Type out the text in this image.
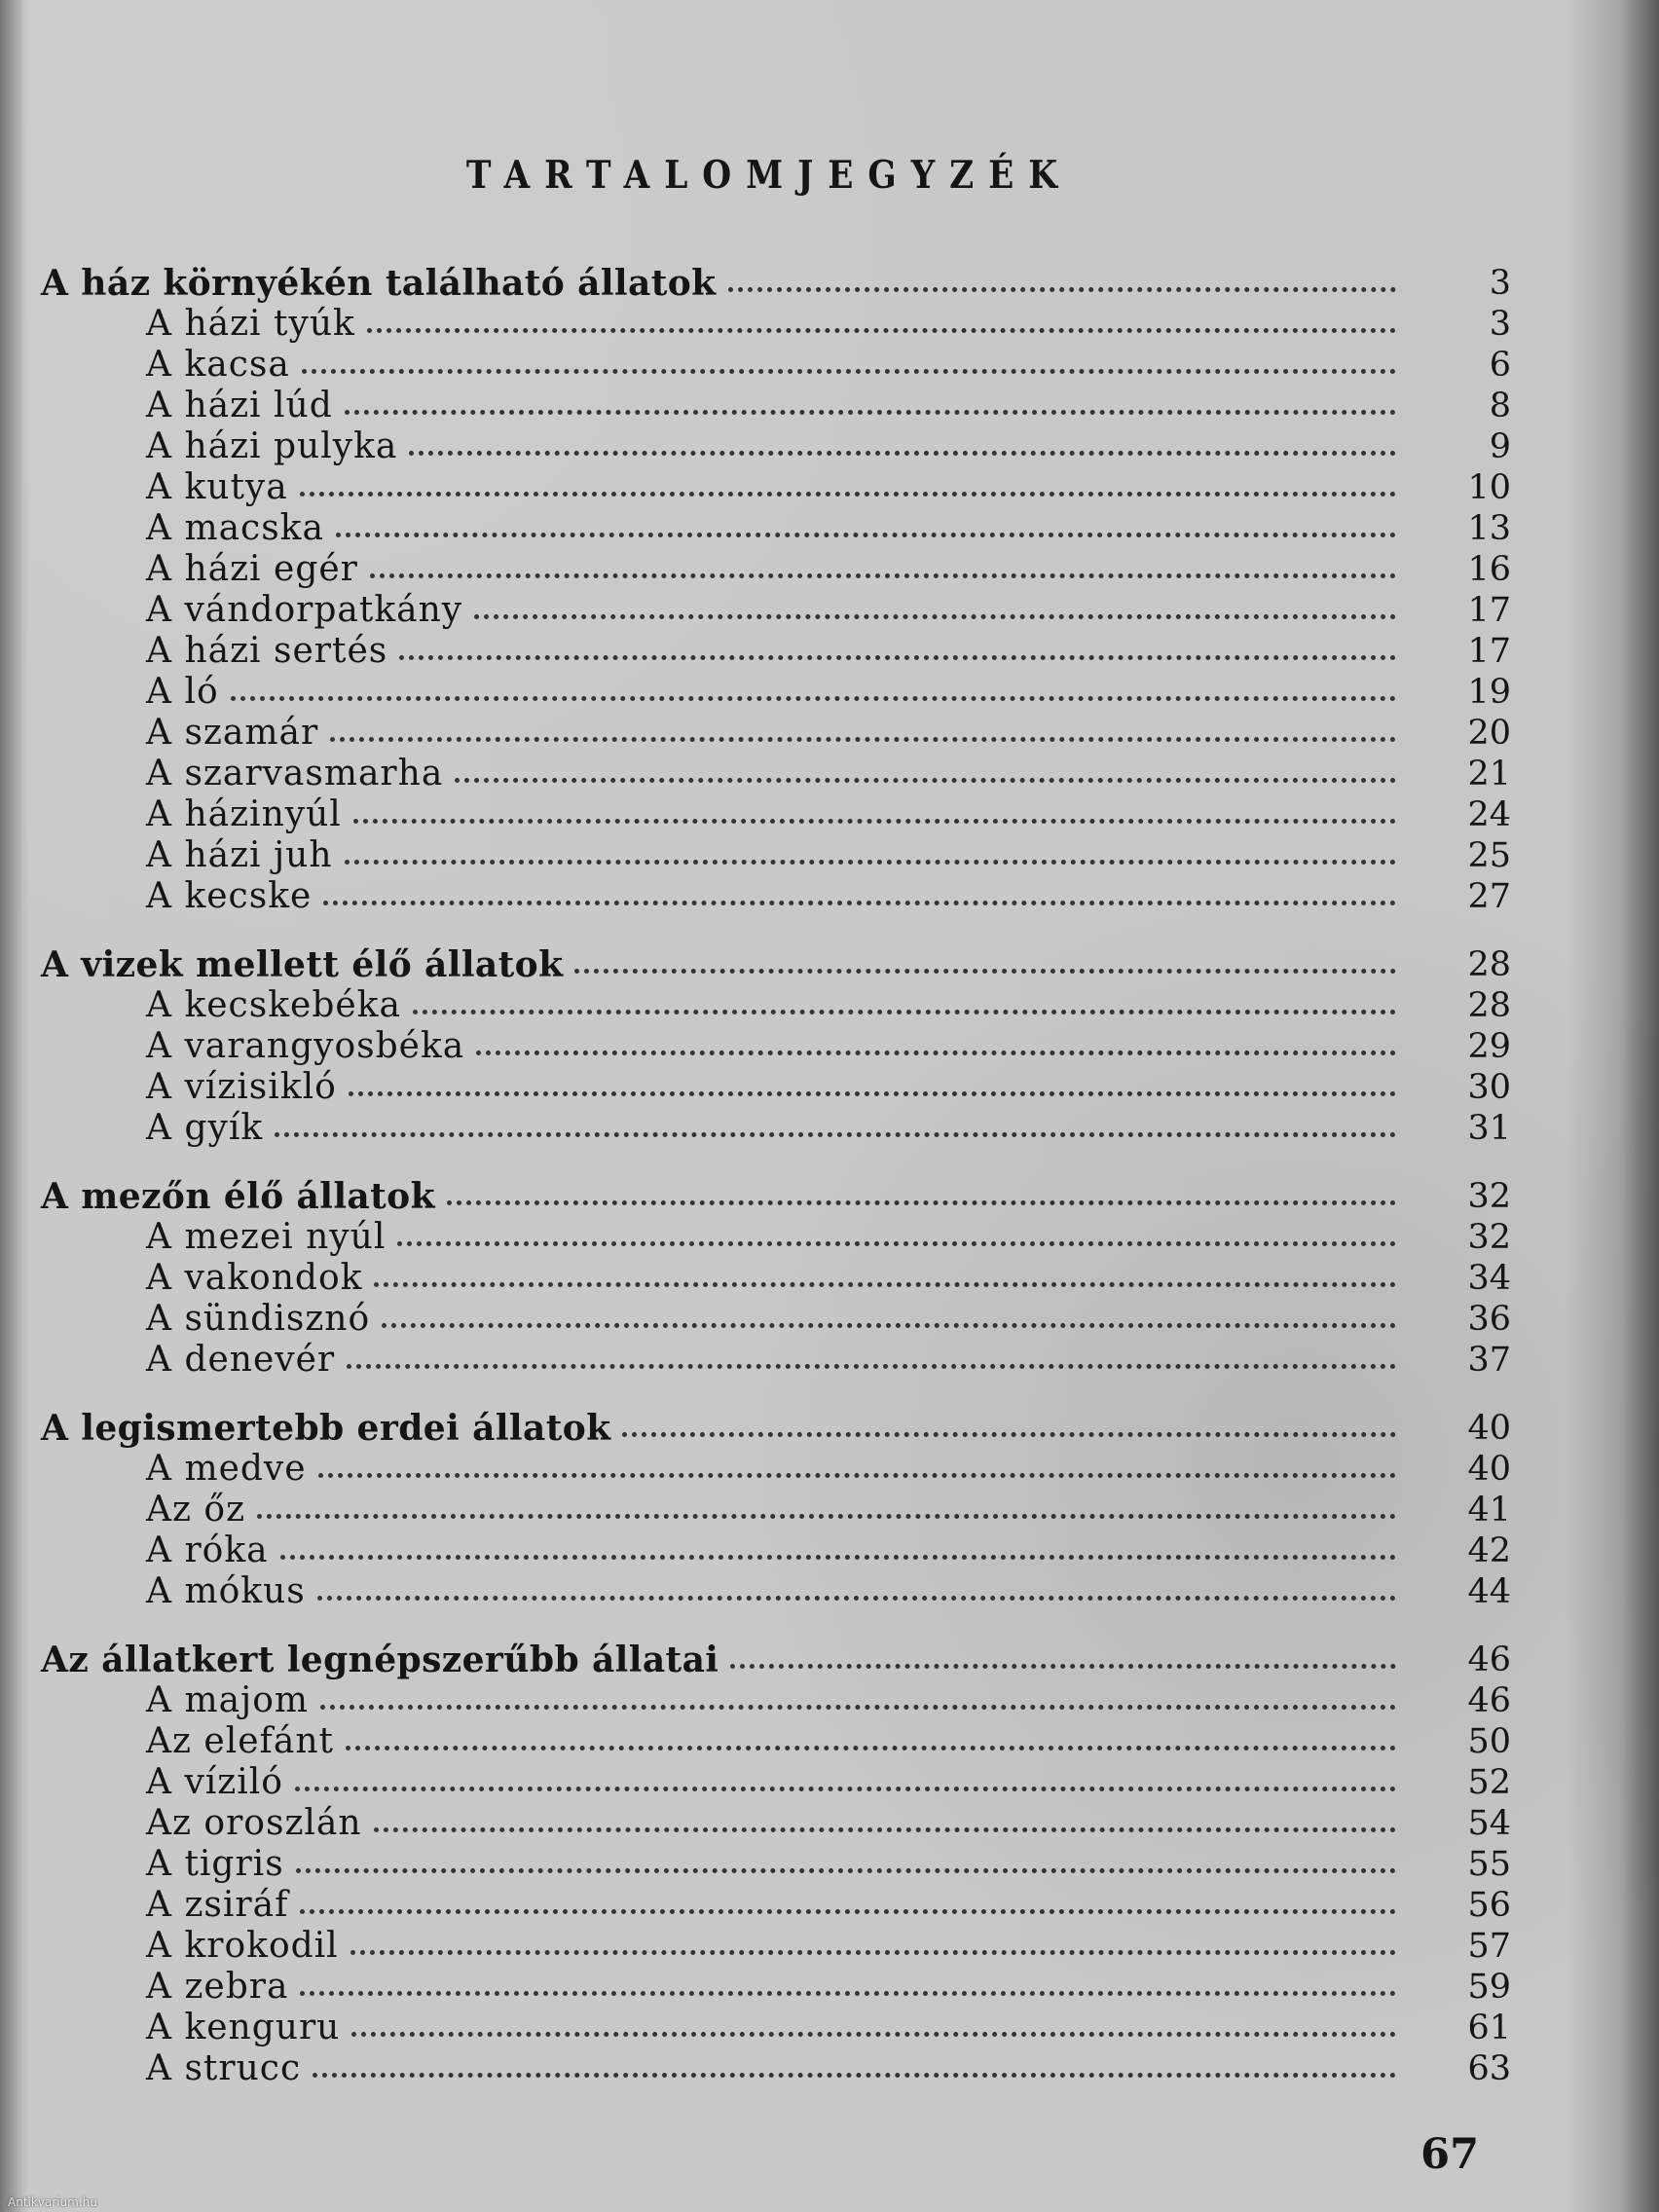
TARTALOMJEGYZÉK
A ház környékén található állatok	3
A házi tyúk	3
A kacsa	6
A házi lúd	8
A házi pulyka	9
A kutya	10
A macska	13
A házi egér	16
A vándorpatkány	17
A házi sertés	17
A ló	19
A szamár	20
A szarvasmarha	21
A házinyúl	24
A házi juh	25
A kecske	27
A vizek mellett élő állatok	28
A kecskebéka	28
A varangyosbéka	29
A vízisikló	30
A gyík	31
A mezőn élő állatok	32
A mezei nyúl	32
A vakondok	34
A sündisznó	36
A denevér	37
A legismertebb erdei állatok	40
A medve	40
Az őz	41
A róka	42
A mókus	44
Az állatkert legnépszerűbb állatai	46
A majom	46
Az elefánt	50
A víziló	52
Az oroszlán	54
A tigris	55
A zsiráf	56
A krokodil	57
A zebra	59
A kenguru	61
A strucc	63
67
Antikvarium.hu
